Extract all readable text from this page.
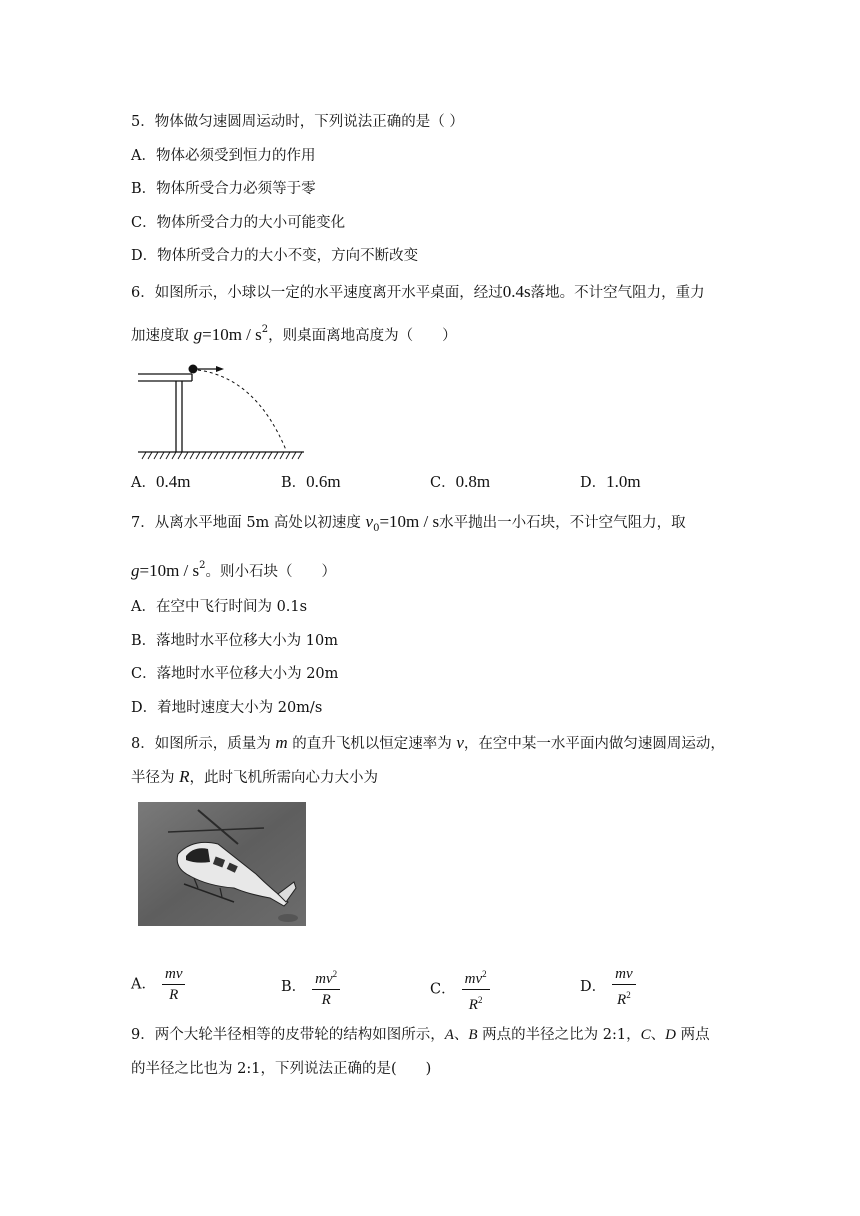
5．物体做匀速圆周运动时，下列说法正确的是（ ）
A．物体必须受到恒力的作用
B．物体所受合力必须等于零
C．物体所受合力的大小可能变化
D．物体所受合力的大小不变，方向不断改变
6．如图所示，小球以一定的水平速度离开水平桌面，经过0.4s落地。不计空气阻力，重力
加速度取 $g=10m / s^2$，则桌面离地高度为（　　）
A．0.4m	B．0.6m	C．0.8m	D．1.0m
7．从离水平地面 5m 高处以初速度 $v_0=10m / s$水平抛出一小石块，不计空气阻力，取
$g=10m / s^2$。则小石块（　　）
A．在空中飞行时间为 0.1s
B．落地时水平位移大小为 10m
C．落地时水平位移大小为 20m
D．着地时速度大小为 20m/s
8．如图所示，质量为 m 的直升飞机以恒定速率为 v，在空中某一水平面内做匀速圆周运动，
半径为 R，此时飞机所需向心力大小为
A． $\frac{mv}{R}$	B． $\frac{mv^2}{R}$	C． $\frac{mv^2}{R^2}$	D． $\frac{mv}{R^2}$
9．两个大轮半径相等的皮带轮的结构如图所示，A、B 两点的半径之比为 2:1，C、D 两点
的半径之比也为 2:1，下列说法正确的是(　　)
